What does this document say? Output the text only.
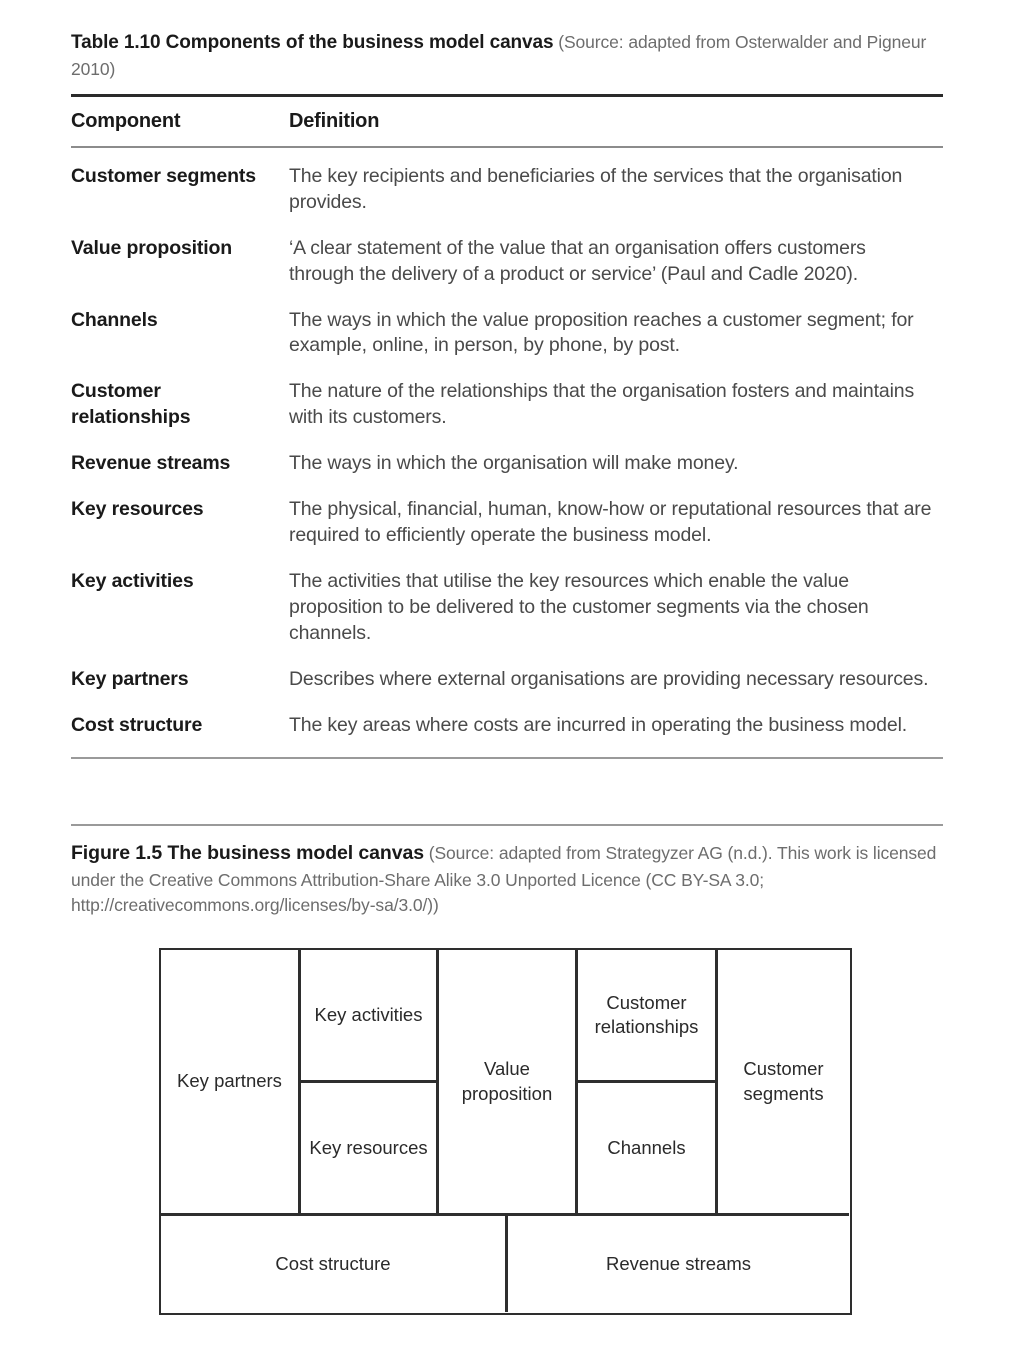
Table 1.10 Components of the business model canvas (Source: adapted from Osterwalder and Pigneur 2010)

Component	Definition
Customer segments	The key recipients and beneficiaries of the services that the organisation provides.
Value proposition	‘A clear statement of the value that an organisation offers customers through the delivery of a product or service’ (Paul and Cadle 2020).
Channels	The ways in which the value proposition reaches a customer segment; for example, online, in person, by phone, by post.
Customer relationships	The nature of the relationships that the organisation fosters and maintains with its customers.
Revenue streams	The ways in which the organisation will make money.
Key resources	The physical, financial, human, know-how or reputational resources that are required to efficiently operate the business model.
Key activities	The activities that utilise the key resources which enable the value proposition to be delivered to the customer segments via the chosen channels.
Key partners	Describes where external organisations are providing necessary resources.
Cost structure	The key areas where costs are incurred in operating the business model.

Figure 1.5 The business model canvas (Source: adapted from Strategyzer AG (n.d.). This work is licensed under the Creative Commons Attribution-Share Alike 3.0 Unported Licence (CC BY-SA 3.0; http://creativecommons.org/licenses/by-sa/3.0/))

Key partners
Key activities
Key resources
Value proposition
Customer relationships
Channels
Customer segments
Cost structure	Revenue streams
